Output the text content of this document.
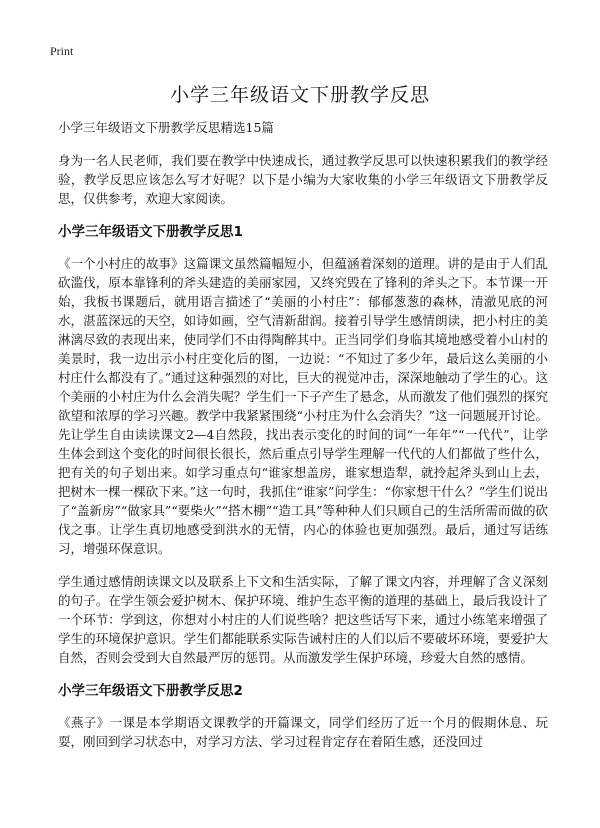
Print
小学三年级语文下册教学反思

小学三年级语文下册教学反思精选15篇

身为一名人民老师，我们要在教学中快速成长，通过教学反思可以快速积累我们的教学经验，教学反思应该怎么写才好呢？以下是小编为大家收集的小学三年级语文下册教学反思，仅供参考，欢迎大家阅读。

小学三年级语文下册教学反思1

《一个小村庄的故事》这篇课文虽然篇幅短小，但蕴涵着深刻的道理。讲的是由于人们乱砍滥伐，原本靠锋利的斧头建造的美丽家园，又终究毁在了锋利的斧头之下。本节课一开始，我板书课题后，就用语言描述了“美丽的小村庄”：郁郁葱葱的森林，清澈见底的河水，湛蓝深远的天空，如诗如画，空气清新甜润。接着引导学生感情朗读，把小村庄的美淋漓尽致的表现出来，使同学们不由得陶醉其中。正当同学们身临其境地感受着小山村的美景时，我一边出示小村庄变化后的图，一边说：“不知过了多少年，最后这么美丽的小村庄什么都没有了。”通过这种强烈的对比，巨大的视觉冲击，深深地触动了学生的心。这个美丽的小村庄为什么会消失呢？学生们一下子产生了悬念，从而激发了他们强烈的探究欲望和浓厚的学习兴趣。教学中我紧紧围绕“小村庄为什么会消失？”这一问题展开讨论。先让学生自由读读课文2—4自然段，找出表示变化的时间的词“一年年”“一代代”，让学生体会到这个变化的时间很长很长，然后重点引导学生理解一代代的人们都做了些什么，把有关的句子划出来。如学习重点句“谁家想盖房，谁家想造犁，就拎起斧头到山上去，把树木一棵一棵砍下来。”这一句时，我抓住“谁家”问学生：“你家想干什么？”学生们说出了“盖新房”“做家具”“要柴火”“搭木棚”“造工具”等种种人们只顾自己的生活所需而做的砍伐之事。让学生真切地感受到洪水的无情，内心的体验也更加强烈。最后，通过写话练习，增强环保意识。

学生通过感情朗读课文以及联系上下文和生活实际，了解了课文内容，并理解了含义深刻的句子。在学生领会爱护树木、保护环境、维护生态平衡的道理的基础上，最后我设计了一个环节：学到这，你想对小村庄的人们说些啥？把这些话写下来，通过小练笔来增强了学生的环境保护意识。学生们都能联系实际告诫村庄的人们以后不要破坏环境，要爱护大自然，否则会受到大自然最严厉的惩罚。从而激发学生保护环境，珍爱大自然的感情。

小学三年级语文下册教学反思2

《燕子》一课是本学期语文课教学的开篇课文，同学们经历了近一个月的假期休息、玩耍，刚回到学习状态中，对学习方法、学习过程肯定存在着陌生感，还没回过
